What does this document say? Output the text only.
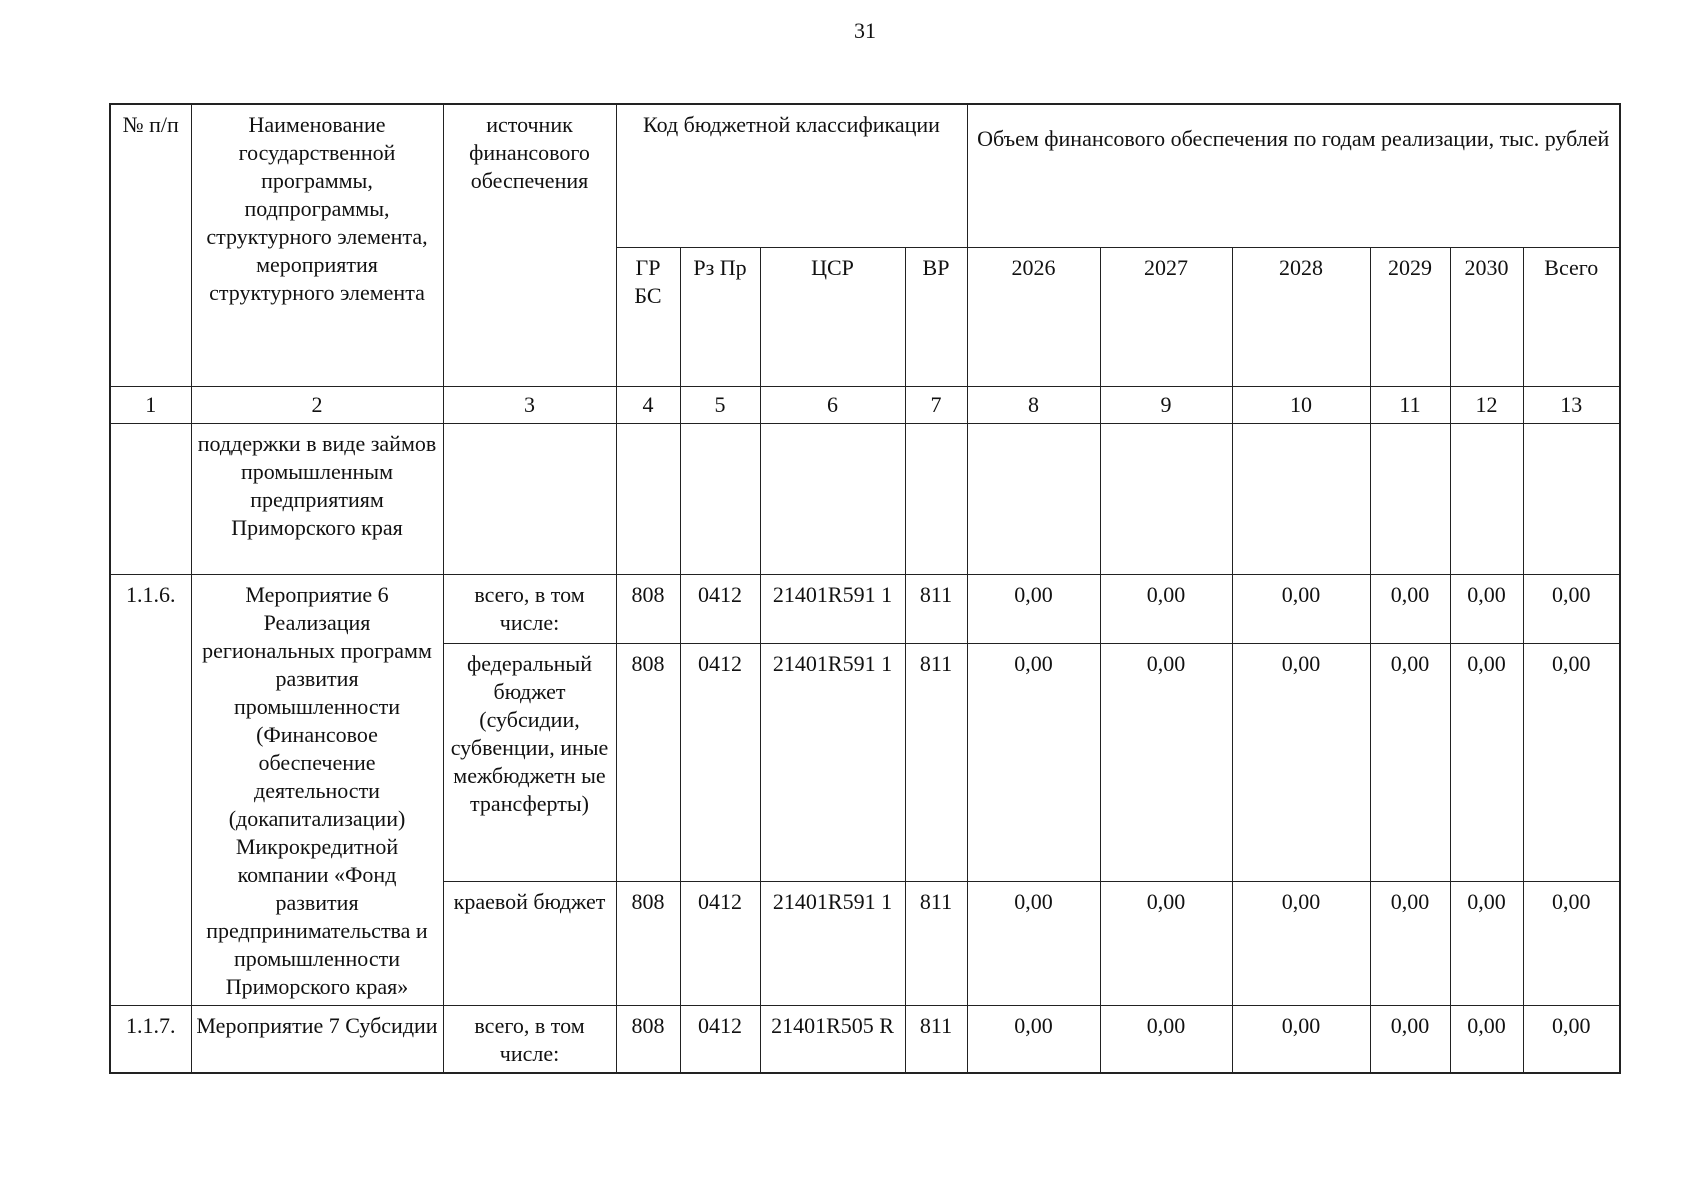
31
№ п/п	Наименование государственной программы, подпрограммы, структурного элемента, мероприятия структурного элемента	источник финансового обеспечения	Код бюджетной классификации				Объем финансового обеспечения по годам реализации, тыс. рублей					
			ГР БС	Рз Пр	ЦСР	ВР	2026	2027	2028	2029	2030	Всего
1	2	3	4	5	6	7	8	9	10	11	12	13
	поддержки в виде займов промышленным предприятиям Приморского края											
1.1.6.	Мероприятие 6 Реализация региональных программ развития промышленности (Финансовое обеспечение деятельности (докапитализации) Микрокредитной компании «Фонд развития предпринимательства и промышленности Приморского края»	всего, в том числе:	808	0412	21401R591 1	811	0,00	0,00	0,00	0,00	0,00	0,00
		федеральный бюджет (субсидии, субвенции, иные межбюджетн ые трансферты)	808	0412	21401R591 1	811	0,00	0,00	0,00	0,00	0,00	0,00
		краевой бюджет	808	0412	21401R591 1	811	0,00	0,00	0,00	0,00	0,00	0,00
1.1.7.	Мероприятие 7 Субсидии	всего, в том числе:	808	0412	21401R505 R	811	0,00	0,00	0,00	0,00	0,00	0,00
